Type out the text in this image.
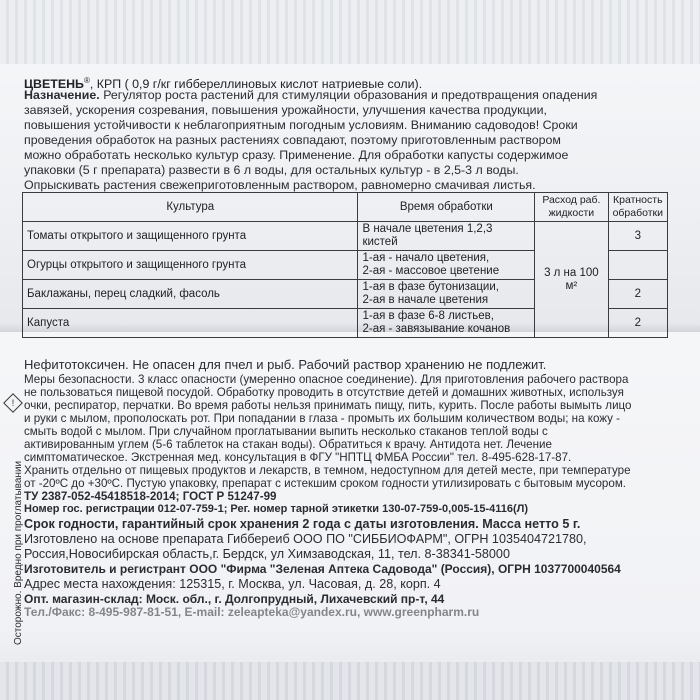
ЦВЕТЕНЬ®, КРП ( 0,9 г/кг гиббереллиновых кислот натриевые соли).
Назначение. Регулятор роста растений для стимуляции образования и предотвращения опадения
завязей, ускорения созревания, повышения урожайности, улучшения качества продукции,
повышения устойчивости к неблагоприятным погодным условиям. Вниманию садоводов! Сроки
проведения обработок на разных растениях совпадают, поэтому приготовленным раствором
можно обработать несколько культур сразу. Применение. Для обработки капусты содержимое
упаковки (5 г препарата) развести в 6 л воды, для остальных культур - в 2,5-3 л воды.
Опрыскивать растения свежеприготовленным раствором, равномерно смачивая листья.
Культура	Время обработки	Расход раб. жидкости	Кратность обработки
Томаты открытого и защищенного грунта	В начале цветения 1,2,3 кистей	3 л на 100 м²	3
Огурцы открытого и защищенного грунта	1-ая - начало цветения,
2-ая - массовое цветение		
Баклажаны, перец сладкий, фасоль	1-ая в фазе бутонизации,
2-ая в начале цветения		2
Капуста	1-ая в фазе 6-8 листьев,
2-ая - завязывание кочанов		2
!
Осторожно. Вредно при проглатывании
Нефитотоксичен. Не опасен для пчел и рыб. Рабочий раствор хранению не подлежит.
Меры безопасности. 3 класс опасности (умеренно опасное соединение). Для приготовления рабочего раствора
не пользоваться пищевой посудой. Обработку проводить в отсутствие детей и домашних животных, используя
очки, респиратор, перчатки. Во время работы нельзя принимать пищу, пить, курить. После работы вымыть лицо
и руки с мылом, прополоскать рот. При попадании в глаза - промыть их большим количеством воды; на кожу -
смыть водой с мылом. При случайном проглатывании выпить несколько стаканов теплой воды с
активированным углем (5-6 таблеток на стакан воды). Обратиться к врачу. Антидота нет. Лечение
симптоматическое. Экстренная мед. консультация в ФГУ "НПТЦ ФМБА России" тел. 8-495-628-17-87.
Хранить отдельно от пищевых продуктов и лекарств, в темном, недоступном для детей месте, при температуре
от -20ºС до +30ºС. Пустую упаковку, препарат с истекшим сроком годности утилизировать с бытовым мусором.
ТУ 2387-052-45418518-2014; ГОСТ Р 51247-99
Номер гос. регистрации 012-07-759-1; Рег. номер тарной этикетки 130-07-759-0,005-15-4116(Л)
Срок годности, гарантийный срок хранения 2 года с даты изготовления. Масса нетто 5 г.
Изготовлено на основе препарата Гиббереиб ООО ПО "СИББИОФАРМ", ОГРН 1035404721780,
Россия,Новосибирская область,г. Бердск, ул Химзаводская, 11, тел. 8-38341-58000
Изготовитель и регистрант ООО "Фирма "Зеленая Аптека Садовода" (Россия), ОГРН 1037700040564
Адрес места нахождения: 125315, г. Москва, ул. Часовая, д. 28, корп. 4
Опт. магазин-склад: Моск. обл., г. Долгопрудный, Лихачевский пр-т, 44
Тел./Факс: 8-495-987-81-51, E-mail: zeleapteka@yandex.ru, www.greenpharm.ru
